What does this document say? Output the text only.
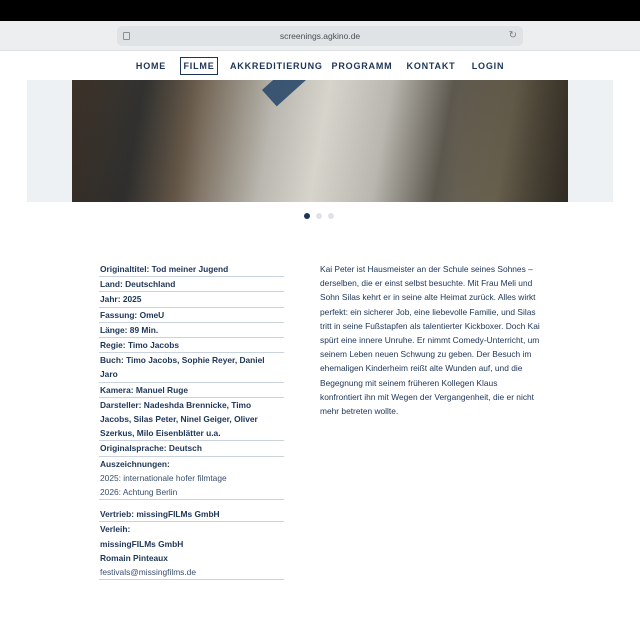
screenings.agkino.de	↻
HOME	FILME	AKKREDITIERUNG PROGRAMM KONTAKT	LOGIN
Originaltitel: Tod meiner Jugend
Land: Deutschland
Jahr: 2025
Fassung: OmeU
Länge: 89 Min.
Regie: Timo Jacobs
Buch: Timo Jacobs, Sophie Reyer, Daniel Jaro
Kamera: Manuel Ruge
Darsteller: Nadeshda Brennicke, Timo Jacobs, Silas Peter, Ninel Geiger, Oliver Szerkus, Milo Eisenblätter u.a.
Originalsprache: Deutsch
Auszeichnungen:
2025: internationale hofer filmtage
2026: Achtung Berlin
Vertrieb: missingFILMs GmbH
Verleih:
missingFILMs GmbH
Romain Pinteaux
festivals@missingfilms.de
Kai Peter ist Hausmeister an der Schule seines Sohnes – derselben, die er einst selbst besuchte. Mit Frau Meli und Sohn Silas kehrt er in seine alte Heimat zurück. Alles wirkt perfekt: ein sicherer Job, eine liebevolle Familie, und Silas tritt in seine Fußstapfen als talentierter Kickboxer. Doch Kai spürt eine innere Unruhe. Er nimmt Comedy-Unterricht, um seinem Leben neuen Schwung zu geben. Der Besuch im ehemaligen Kinderheim reißt alte Wunden auf, und die Begegnung mit seinem früheren Kollegen Klaus konfrontiert ihn mit Wegen der Vergangenheit, die er nicht mehr betreten wollte.
